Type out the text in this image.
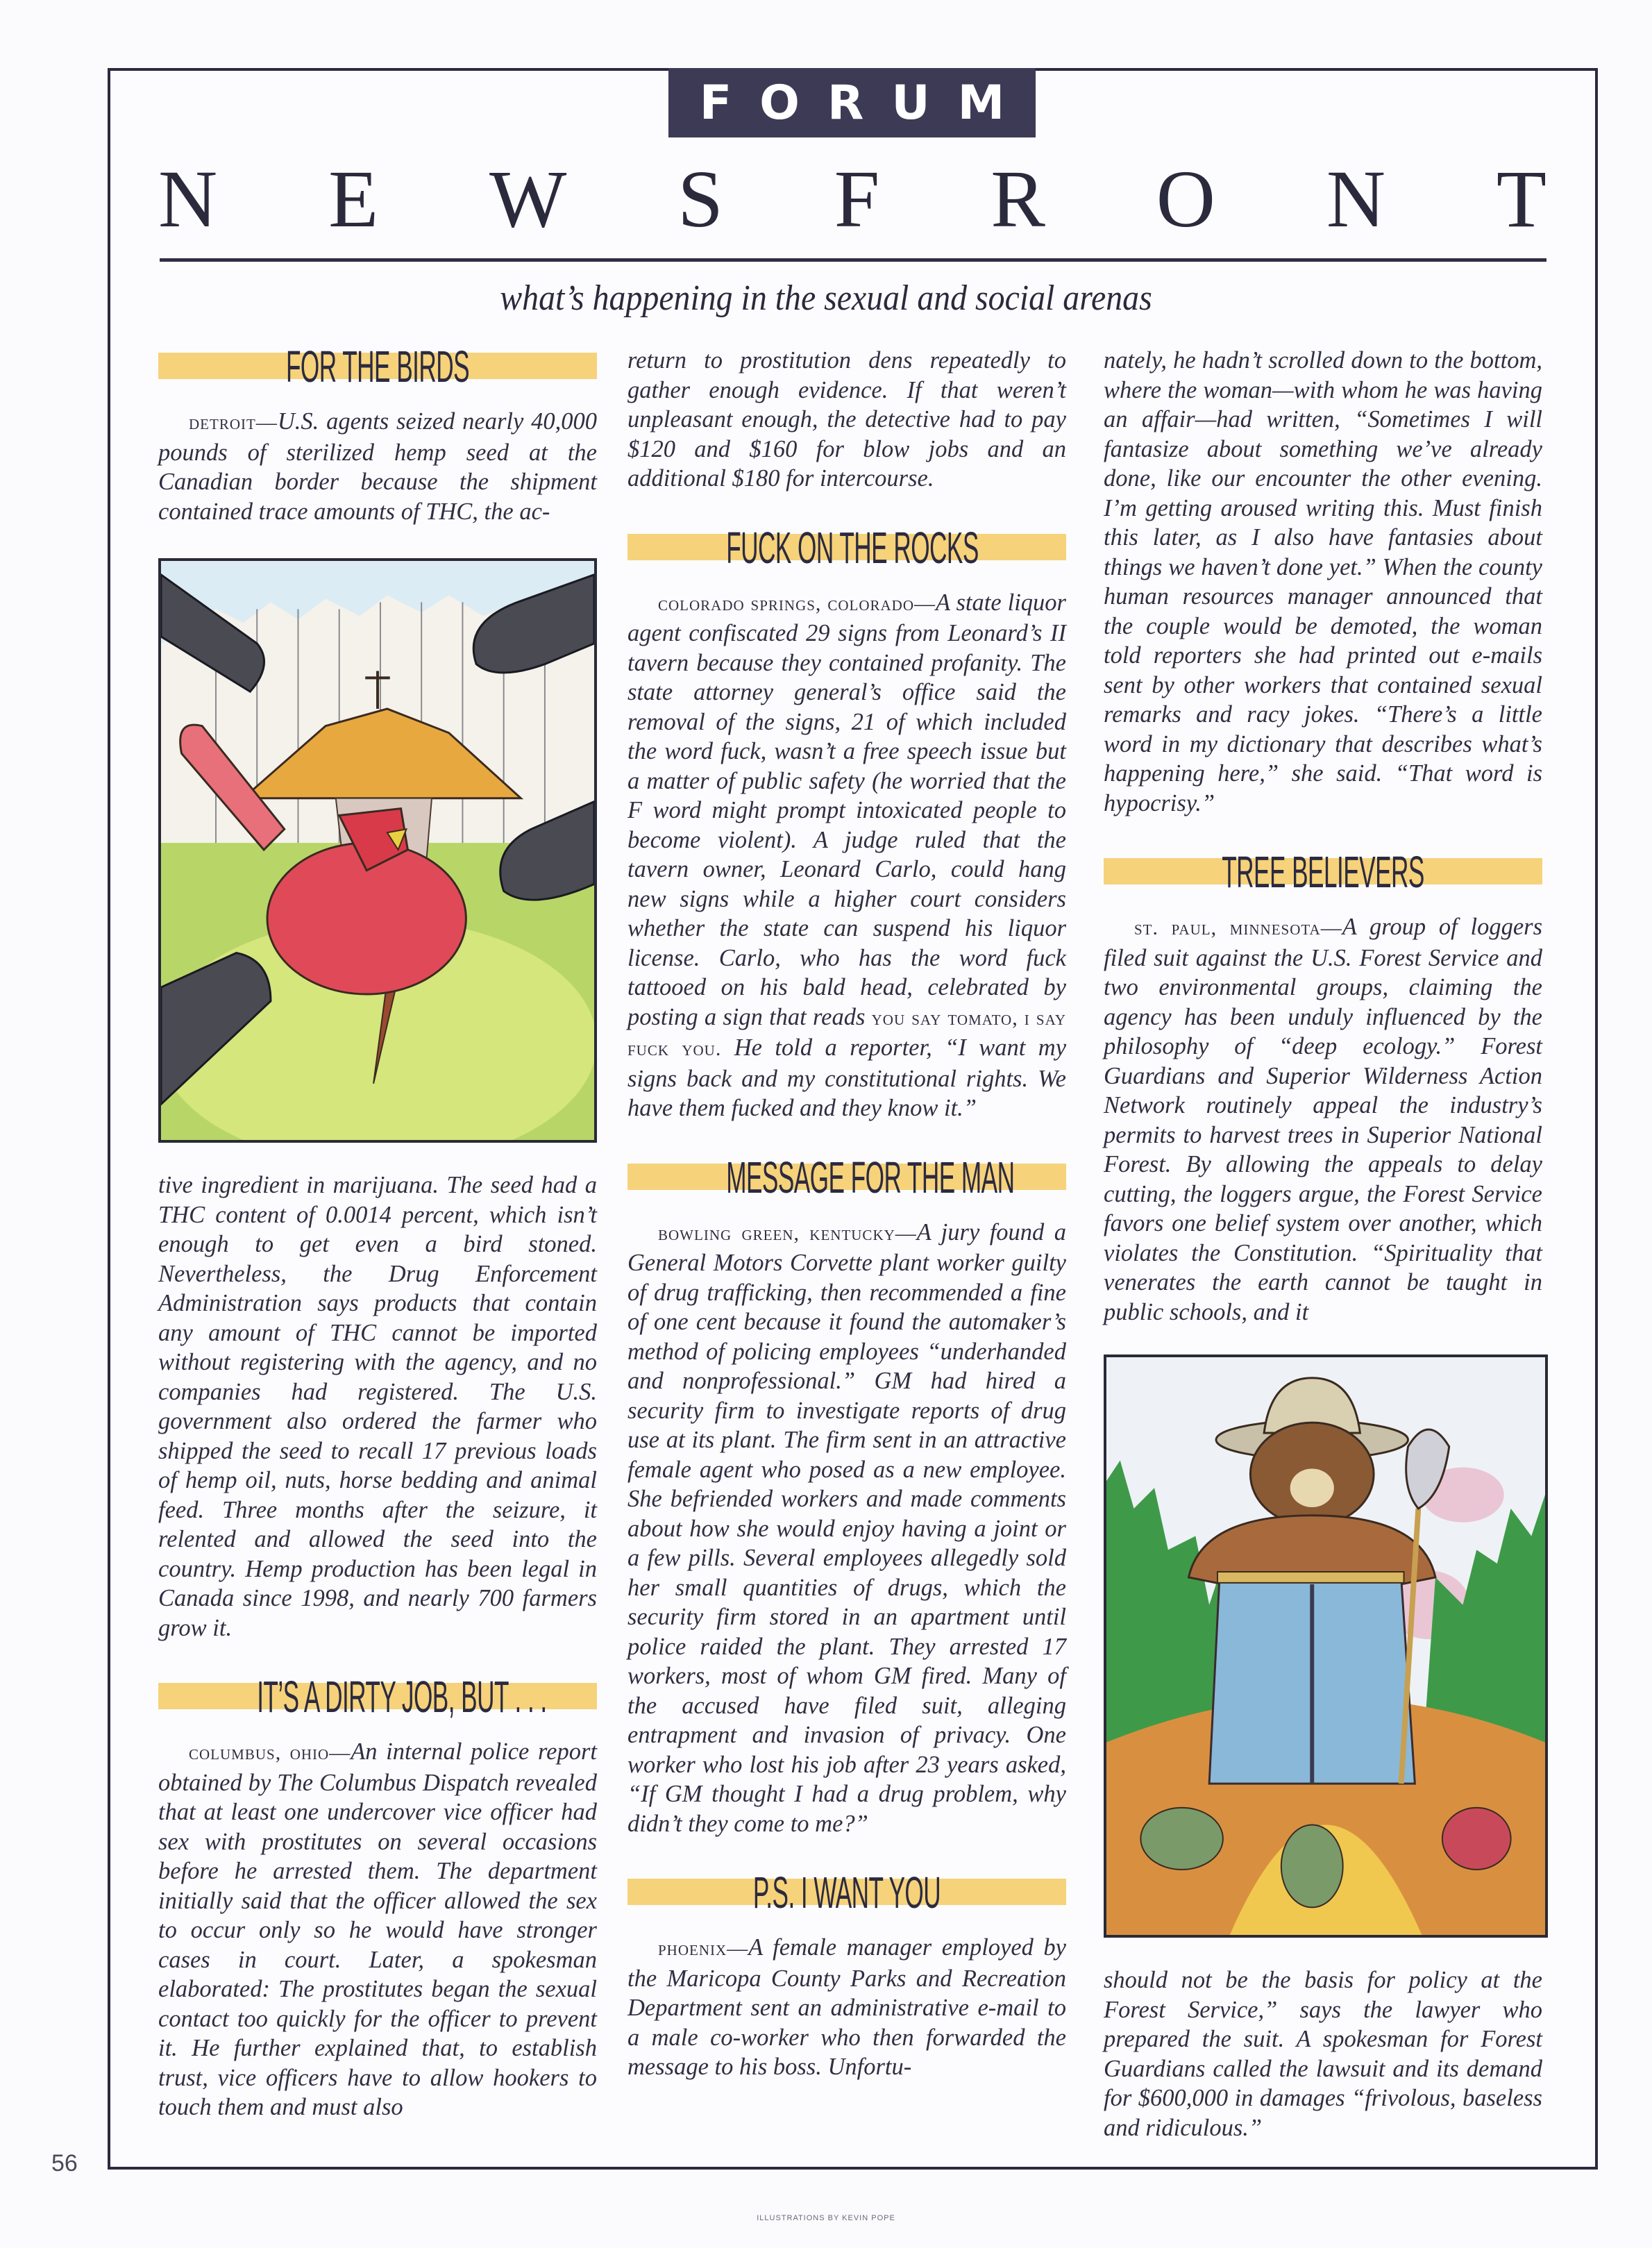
FORUM
N E W S F R O N T
what’s happening in the sexual and social arenas
FOR THE BIRDS

detroit—U.S. agents seized nearly 40,000 pounds of sterilized hemp seed at the Canadian border because the shipment contained trace amounts of THC, the ac-

tive ingredient in marijuana. The seed had a THC content of 0.0014 percent, which isn’t enough to get even a bird stoned. Nevertheless, the Drug Enforcement Administration says products that contain any amount of THC cannot be imported without registering with the agency, and no companies had registered. The U.S. government also ordered the farmer who shipped the seed to recall 17 previous loads of hemp oil, nuts, horse bedding and animal feed. Three months after the seizure, it relented and allowed the seed into the country. Hemp production has been legal in Canada since 1998, and nearly 700 farmers grow it.

IT’S A DIRTY JOB, BUT . . .

columbus, ohio—An internal police report obtained by The Columbus Dispatch revealed that at least one undercover vice officer had sex with prostitutes on several occasions before he arrested them. The department initially said that the officer allowed the sex to occur only so he would have stronger cases in court. Later, a spokesman elaborated: The prostitutes began the sexual contact too quickly for the officer to prevent it. He further explained that, to establish trust, vice officers have to allow hookers to touch them and must also

return to prostitution dens repeatedly to gather enough evidence. If that weren’t unpleasant enough, the detective had to pay $120 and $160 for blow jobs and an additional $180 for intercourse.

FUCK ON THE ROCKS

colorado springs, colorado—A state liquor agent confiscated 29 signs from Leonard’s II tavern because they contained profanity. The state attorney general’s office said the removal of the signs, 21 of which included the word fuck, wasn’t a free speech issue but a matter of public safety (he worried that the F word might prompt intoxicated people to become violent). A judge ruled that the tavern owner, Leonard Carlo, could hang new signs while a higher court considers whether the state can suspend his liquor license. Carlo, who has the word fuck tattooed on his bald head, celebrated by posting a sign that reads you say tomato, i say fuck you. He told a reporter, “I want my signs back and my constitutional rights. We have them fucked and they know it.”

MESSAGE FOR THE MAN

bowling green, kentucky—A jury found a General Motors Corvette plant worker guilty of drug trafficking, then recommended a fine of one cent because it found the automaker’s method of policing employees “underhanded and nonprofessional.” GM had hired a security firm to investigate reports of drug use at its plant. The firm sent in an attractive female agent who posed as a new employee. She befriended workers and made comments about how she would enjoy having a joint or a few pills. Several employees allegedly sold her small quantities of drugs, which the security firm stored in an apartment until police raided the plant. They arrested 17 workers, most of whom GM fired. Many of the accused have filed suit, alleging entrapment and invasion of privacy. One worker who lost his job after 23 years asked, “If GM thought I had a drug problem, why didn’t they come to me?”

P.S. I WANT YOU

phoenix—A female manager employed by the Maricopa County Parks and Recreation Department sent an administrative e-mail to a male co-worker who then forwarded the message to his boss. Unfortu-

nately, he hadn’t scrolled down to the bottom, where the woman—with whom he was having an affair—had written, “Sometimes I will fantasize about something we’ve already done, like our encounter the other evening. I’m getting aroused writing this. Must finish this later, as I also have fantasies about things we haven’t done yet.” When the county human resources manager announced that the couple would be demoted, the woman told reporters she had printed out e-mails sent by other workers that contained sexual remarks and racy jokes. “There’s a little word in my dictionary that describes what’s happening here,” she said. “That word is hypocrisy.”

TREE BELIEVERS

st. paul, minnesota—A group of loggers filed suit against the U.S. Forest Service and two environmental groups, claiming the agency has been unduly influenced by the philosophy of “deep ecology.” Forest Guardians and Superior Wilderness Action Network routinely appeal the industry’s permits to harvest trees in Superior National Forest. By allowing the appeals to delay cutting, the loggers argue, the Forest Service favors one belief system over another, which violates the Constitution. “Spirituality that venerates the earth cannot be taught in public schools, and it

should not be the basis for policy at the Forest Service,” says the lawyer who prepared the suit. A spokesman for Forest Guardians called the lawsuit and its demand for $600,000 in damages “frivolous, baseless and ridiculous.”

56
ILLUSTRATIONS BY KEVIN POPE
